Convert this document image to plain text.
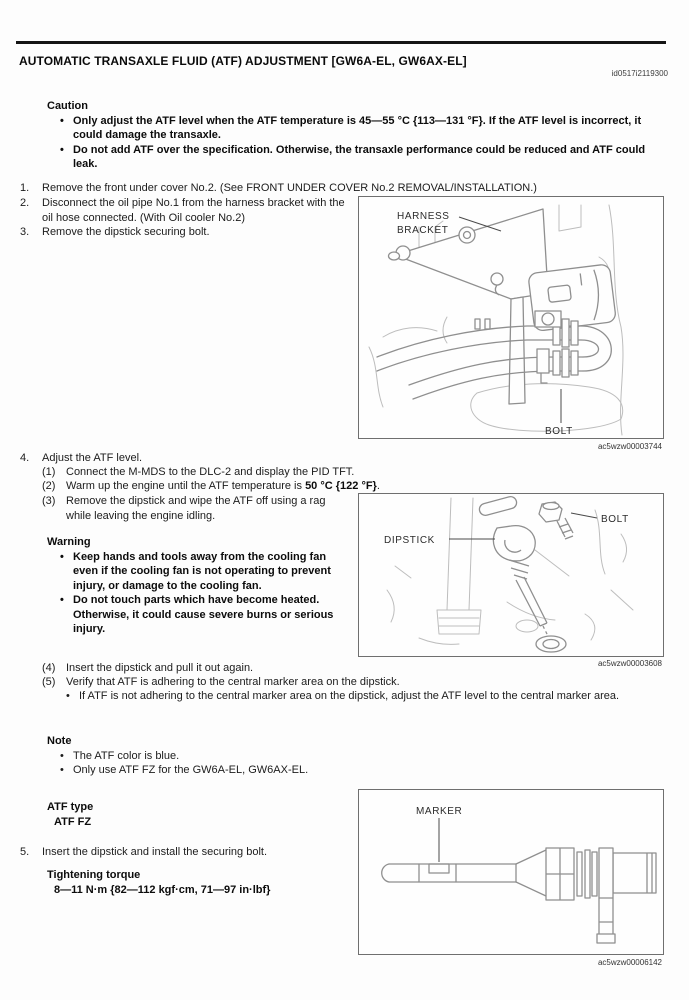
AUTOMATIC TRANSAXLE FLUID (ATF) ADJUSTMENT [GW6A-EL, GW6AX-EL]
id0517i2119300
Caution
• Only adjust the ATF level when the ATF temperature is 45—55 °C {113—131 °F}. If the ATF level is incorrect, it could damage the transaxle.
• Do not add ATF over the specification. Otherwise, the transaxle performance could be reduced and ATF could leak.
1.	Remove the front under cover No.2. (See FRONT UNDER COVER No.2 REMOVAL/INSTALLATION.)
2.	Disconnect the oil pipe No.1 from the harness bracket with the oil hose connected. (With Oil cooler No.2)
3.	Remove the dipstick securing bolt.
HARNESS
BRACKET
BOLT
ac5wzw00003744
4.	Adjust the ATF level.
(1) Connect the M-MDS to the DLC-2 and display the PID TFT.
(2) Warm up the engine until the ATF temperature is 50 °C {122 °F}.
(3) Remove the dipstick and wipe the ATF off using a rag while leaving the engine idling.
Warning
• Keep hands and tools away from the cooling fan even if the cooling fan is not operating to prevent injury, or damage to the cooling fan.
• Do not touch parts which have become heated. Otherwise, it could cause severe burns or serious injury.
DIPSTICK
BOLT
ac5wzw00003608
(4) Insert the dipstick and pull it out again.
(5) Verify that ATF is adhering to the central marker area on the dipstick.
• If ATF is not adhering to the central marker area on the dipstick, adjust the ATF level to the central marker area.
Note
• The ATF color is blue.
• Only use ATF FZ for the GW6A-EL, GW6AX-EL.
ATF type
ATF FZ
5.	Insert the dipstick and install the securing bolt.
Tightening torque
8—11 N·m {82—112 kgf·cm, 71—97 in·lbf}
MARKER
ac5wzw00006142
